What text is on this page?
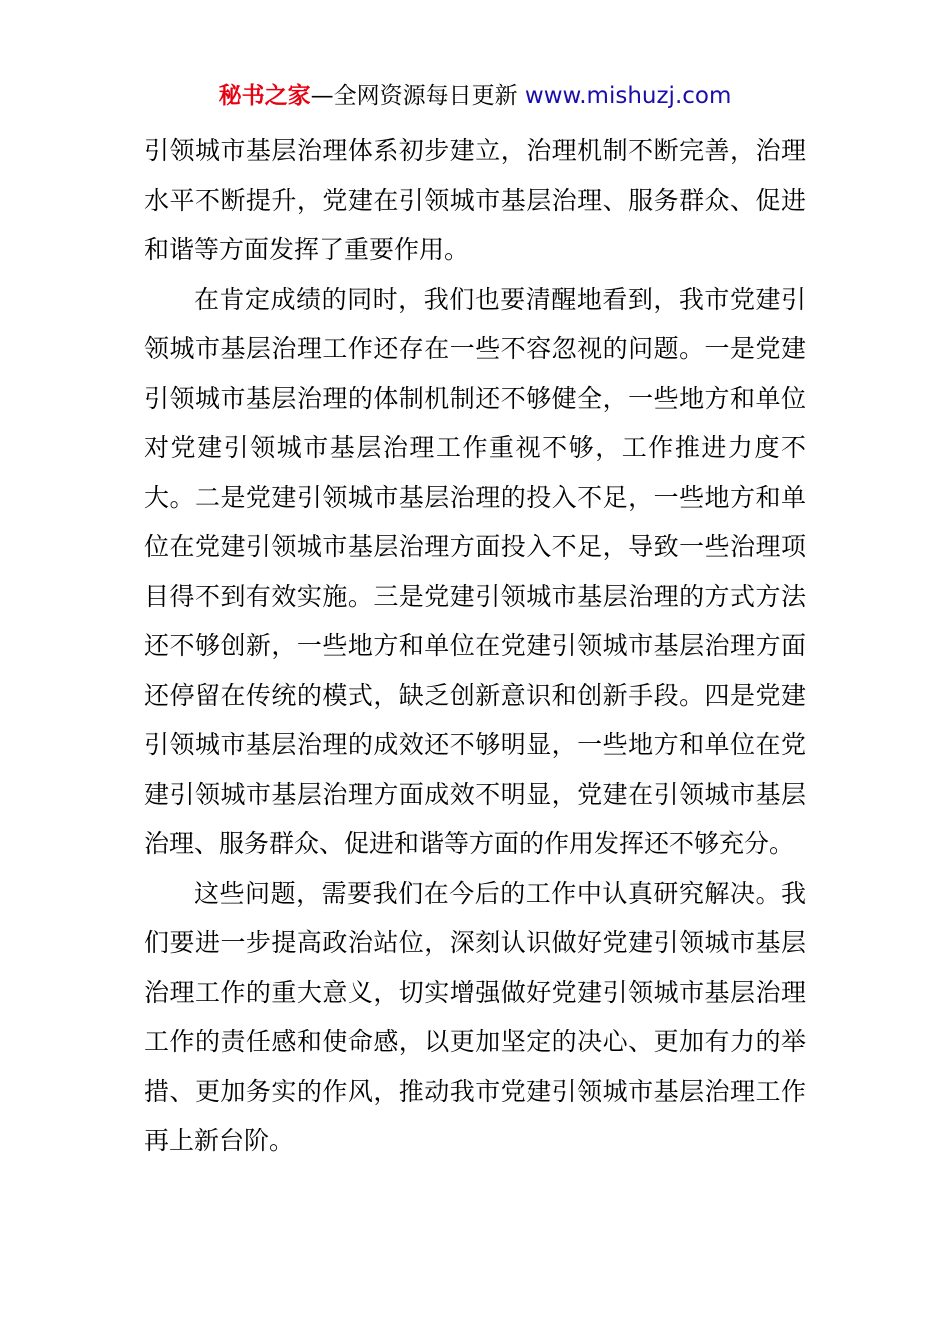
秘书之家—全网资源每日更新 www.mishuzj.com

引领城市基层治理体系初步建立，治理机制不断完善，治理水平不断提升，党建在引领城市基层治理、服务群众、促进和谐等方面发挥了重要作用。

在肯定成绩的同时，我们也要清醒地看到，我市党建引领城市基层治理工作还存在一些不容忽视的问题。一是党建引领城市基层治理的体制机制还不够健全，一些地方和单位对党建引领城市基层治理工作重视不够，工作推进力度不大。二是党建引领城市基层治理的投入不足，一些地方和单位在党建引领城市基层治理方面投入不足，导致一些治理项目得不到有效实施。三是党建引领城市基层治理的方式方法还不够创新，一些地方和单位在党建引领城市基层治理方面还停留在传统的模式，缺乏创新意识和创新手段。四是党建引领城市基层治理的成效还不够明显，一些地方和单位在党建引领城市基层治理方面成效不明显，党建在引领城市基层治理、服务群众、促进和谐等方面的作用发挥还不够充分。

这些问题，需要我们在今后的工作中认真研究解决。我们要进一步提高政治站位，深刻认识做好党建引领城市基层治理工作的重大意义，切实增强做好党建引领城市基层治理工作的责任感和使命感，以更加坚定的决心、更加有力的举措、更加务实的作风，推动我市党建引领城市基层治理工作再上新台阶。
